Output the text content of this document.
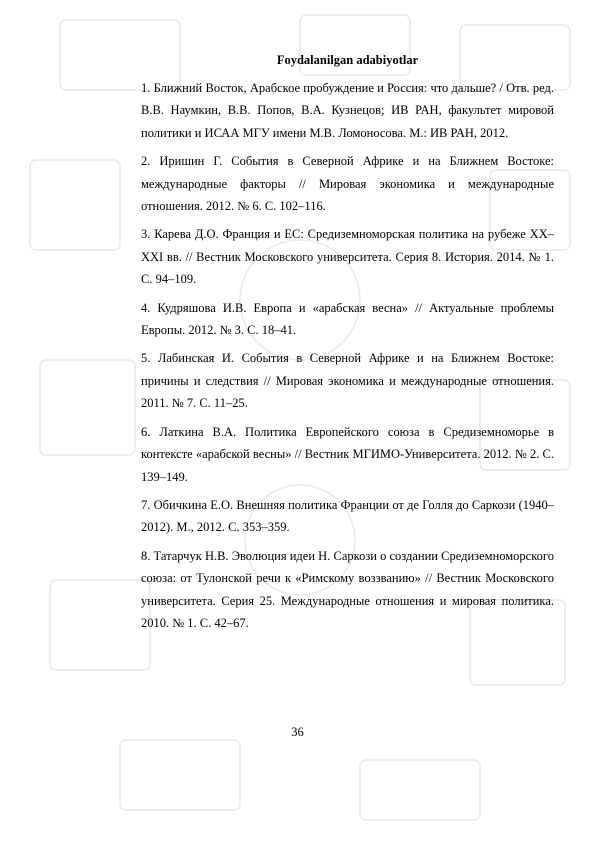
Foydalanilgan adabiyotlar
1. Ближний Восток, Арабское пробуждение и Россия: что дальше? / Отв. ред. В.В. Наумкин, В.В. Попов, В.А. Кузнецов; ИВ РАН, факультет мировой политики и ИСАА МГУ имени М.В. Ломоносова. М.: ИВ РАН, 2012.
2. Иришин Г. События в Северной Африке и на Ближнем Востоке: международные факторы // Мировая экономика и международные отношения. 2012. № 6. С. 102–116.
3. Карева Д.О. Франция и ЕС: Средиземноморская политика на рубеже XX–XXI вв. // Вестник Московского университета. Серия 8. История. 2014. № 1. С. 94–109.
4. Кудряшова И.В. Европа и «арабская весна» // Актуальные проблемы Европы. 2012. № 3. С. 18–41.
5. Лабинская И. События в Северной Африке и на Ближнем Востоке: причины и следствия // Мировая экономика и международные отношения. 2011. № 7. С. 11–25.
6. Латкина В.А. Политика Европейского союза в Средиземноморье в контексте «арабской весны» // Вестник МГИМО-Университета. 2012. № 2. С. 139–149.
7. Обичкина Е.О. Внешняя политика Франции от де Голля до Саркози (1940–2012). М., 2012. С. 353–359.
8. Татарчук Н.В. Эволюция идеи Н. Саркози о создании Средиземноморского союза: от Тулонской речи к «Римскому воззванию» // Вестник Московского университета. Серия 25. Международные отношения и мировая политика. 2010. № 1. С. 42–67.
36
